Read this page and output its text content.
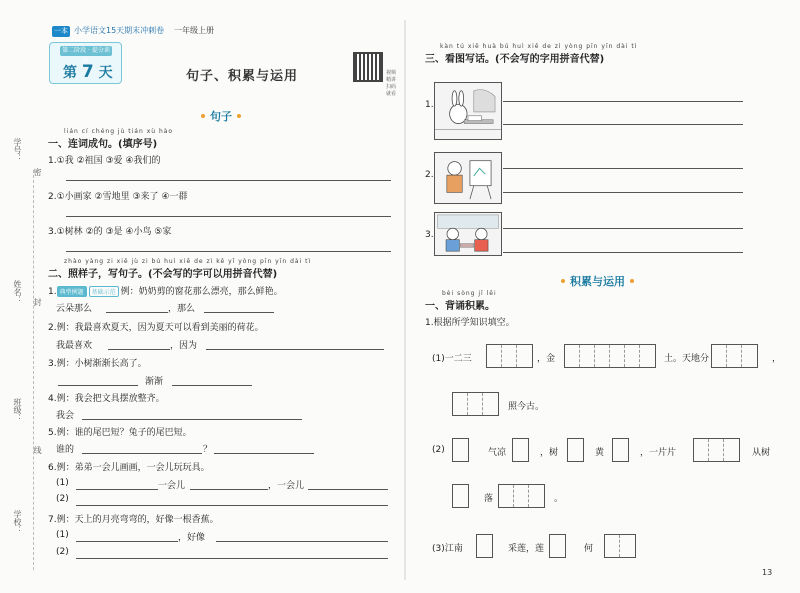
学号：
姓名：
班级：
学校：
密
封
线
一本 小学语文15天期末冲刺卷 一年级上册
第二阶段 · 提分训练
第 7 天	句子、积累与运用	视频精讲 扫码就看
句子
lián cí chéng jù tián xù hào
一、连词成句。(填序号)
1.①我 ②祖国 ③爱 ④我们的
2.①小画家 ②雪地里 ③来了 ④一群
3.①树林 ②的 ③是 ④小鸟 ⑤家
zhào yàng zi xiě jù zi bú huì xiě de zì kě yǐ yòng pīn yīn dài tì
二、照样子，写句子。(不会写的字可以用拼音代替)
1. 典型例题 基础示范 例：奶奶剪的窗花那么漂亮，那么鲜艳。
云朵那么	，那么
2.例：我最喜欢夏天，因为夏天可以看到美丽的荷花。
我最喜欢	，因为
3.例：小树渐渐长高了。
渐渐
4.例：我会把文具摆放整齐。
我会
5.例：谁的尾巴短？兔子的尾巴短。
谁的	？
6.例：弟弟一会儿画画，一会儿玩玩具。
(1)	一会儿	，一会儿
(2)
7.例：天上的月亮弯弯的，好像一根香蕉。
(1)	，好像
(2)
kàn tú xiě huà bú huì xiě de zì yòng pīn yīn dài tì
三、看图写话。(不会写的字用拼音代替)
1.
2.
3.
积累与运用
bèi sòng jī lěi
一、背诵积累。
1.根据所学知识填空。
(1)一二三	，金	土。天地分	，
照今古。
(2)	气凉	，树	黄	，一片片	从树
落	。
(3)江南	采莲，莲	何
13
